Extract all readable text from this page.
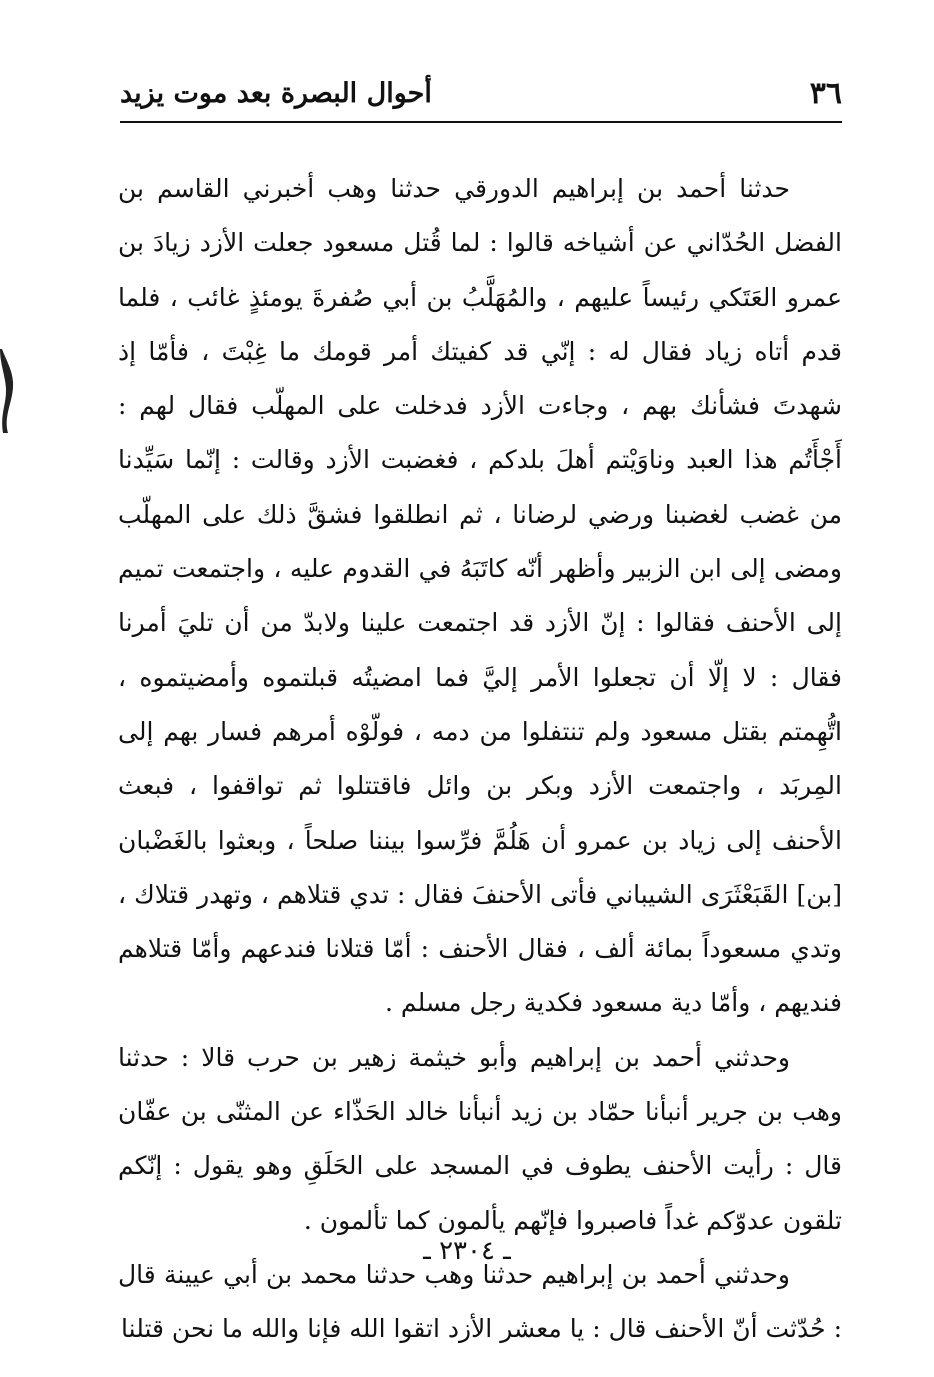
٣٦
أحوال البصرة بعد موت يزيد

حدثنا أحمد بن إبراهيم الدورقي حدثنا وهب أخبرني القاسم بن الفضل الحُدّاني عن أشياخه قالوا : لما قُتل مسعود جعلت الأزد زيادَ بن عمرو العَتَكي رئيساً عليهم ، والمُهَلَّبُ بن أبي صُفرةَ يومئذٍ غائب ، فلما قدم أتاه زياد فقال له : إنّي قد كفيتك أمر قومك ما غِبْتَ ، فأمّا إذ شهدتَ فشأنك بهم ، وجاءت الأزد فدخلت على المهلّب فقال لهم : أَجْأَتُم هذا العبد وناوَيْتم أهلَ بلدكم ، فغضبت الأزد وقالت : إنّما سَيِّدنا من غضب لغضبنا ورضي لرضانا ، ثم انطلقوا فشقَّ ذلك على المهلّب ومضى إلى ابن الزبير وأظهر أنّه كاتَبَهُ في القدوم عليه ، واجتمعت تميم إلى الأحنف فقالوا : إنّ الأزد قد اجتمعت علينا ولابدّ من أن تليَ أمرنا فقال : لا إلّا أن تجعلوا الأمر إليَّ فما امضيتُه قبلتموه وأمضيتموه ، اتُّهِمتم بقتل مسعود ولم تنتفلوا من دمه ، فولّوْه أمرهم فسار بهم إلى المِربَد ، واجتمعت الأزد وبكر بن وائل فاقتتلوا ثم تواقفوا ، فبعث الأحنف إلى زياد بن عمرو أن هَلُمَّ فرِّسوا بيننا صلحاً ، وبعثوا بالغَضْبان [بن] القَبَعْثَرَى الشيباني فأتى الأحنفَ فقال : تدي قتلاهم ، وتهدر قتلاك ، وتدي مسعوداً بمائة ألف ، فقال الأحنف : أمّا قتلانا فندعهم وأمّا قتلاهم فنديهم ، وأمّا دية مسعود فكدية رجل مسلم .

وحدثني أحمد بن إبراهيم وأبو خيثمة زهير بن حرب قالا : حدثنا وهب بن جرير أنبأنا حمّاد بن زيد أنبأنا خالد الحَذّاء عن المثنّى بن عفّان قال : رأيت الأحنف يطوف في المسجد على الحَلَقِ وهو يقول : إنّكم تلقون عدوّكم غداً فاصبروا فإنّهم يألمون كما تألمون .

وحدثني أحمد بن إبراهيم حدثنا وهب حدثنا محمد بن أبي عيينة قال : حُدّثت أنّ الأحنف قال : يا معشر الأزد اتقوا الله فإنا والله ما نحن قتلنا

ـ ٢٣٠٤ ـ
